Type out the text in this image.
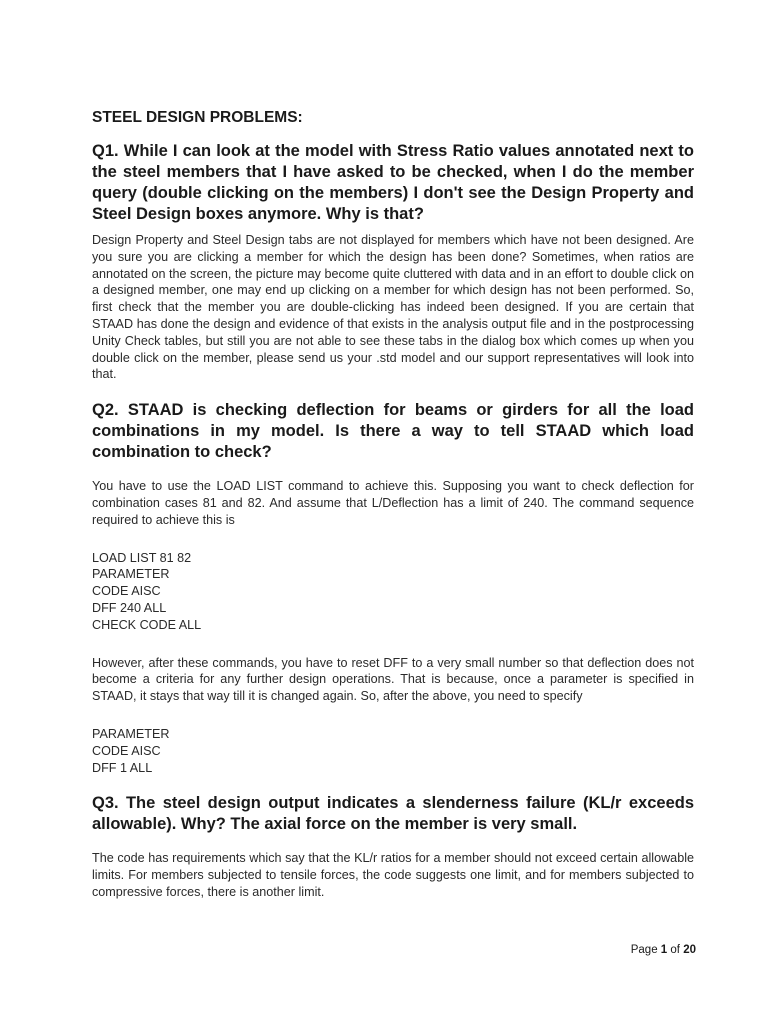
STEEL DESIGN PROBLEMS:
Q1. While I can look at the model with Stress Ratio values annotated next to the steel members that I have asked to be checked, when I do the member query (double clicking on the members) I don't see the Design Property and Steel Design boxes anymore. Why is that?
Design Property and Steel Design tabs are not displayed for members which have not been designed. Are you sure you are clicking a member for which the design has been done? Sometimes, when ratios are annotated on the screen, the picture may become quite cluttered with data and in an effort to double click on a designed member, one may end up clicking on a member for which design has not been performed. So, first check that the member you are double-clicking has indeed been designed. If you are certain that STAAD has done the design and evidence of that exists in the analysis output file and in the postprocessing Unity Check tables, but still you are not able to see these tabs in the dialog box which comes up when you double click on the member, please send us your .std model and our support representatives will look into that.
Q2. STAAD is checking deflection for beams or girders for all the load combinations in my model. Is there a way to tell STAAD which load combination to check?
You have to use the LOAD LIST command to achieve this. Supposing you want to check deflection for combination cases 81 and 82. And assume that L/Deflection has a limit of 240. The command sequence required to achieve this is
LOAD LIST 81 82
PARAMETER
CODE AISC
DFF 240 ALL
CHECK CODE ALL
However, after these commands, you have to reset DFF to a very small number so that deflection does not become a criteria for any further design operations. That is because, once a parameter is specified in STAAD, it stays that way till it is changed again. So, after the above, you need to specify
PARAMETER
CODE AISC
DFF 1 ALL
Q3. The steel design output indicates a slenderness failure (KL/r exceeds allowable). Why? The axial force on the member is very small.
The code has requirements which say that the KL/r ratios for a member should not exceed certain allowable limits. For members subjected to tensile forces, the code suggests one limit, and for members subjected to compressive forces, there is another limit.
Page 1 of 20
